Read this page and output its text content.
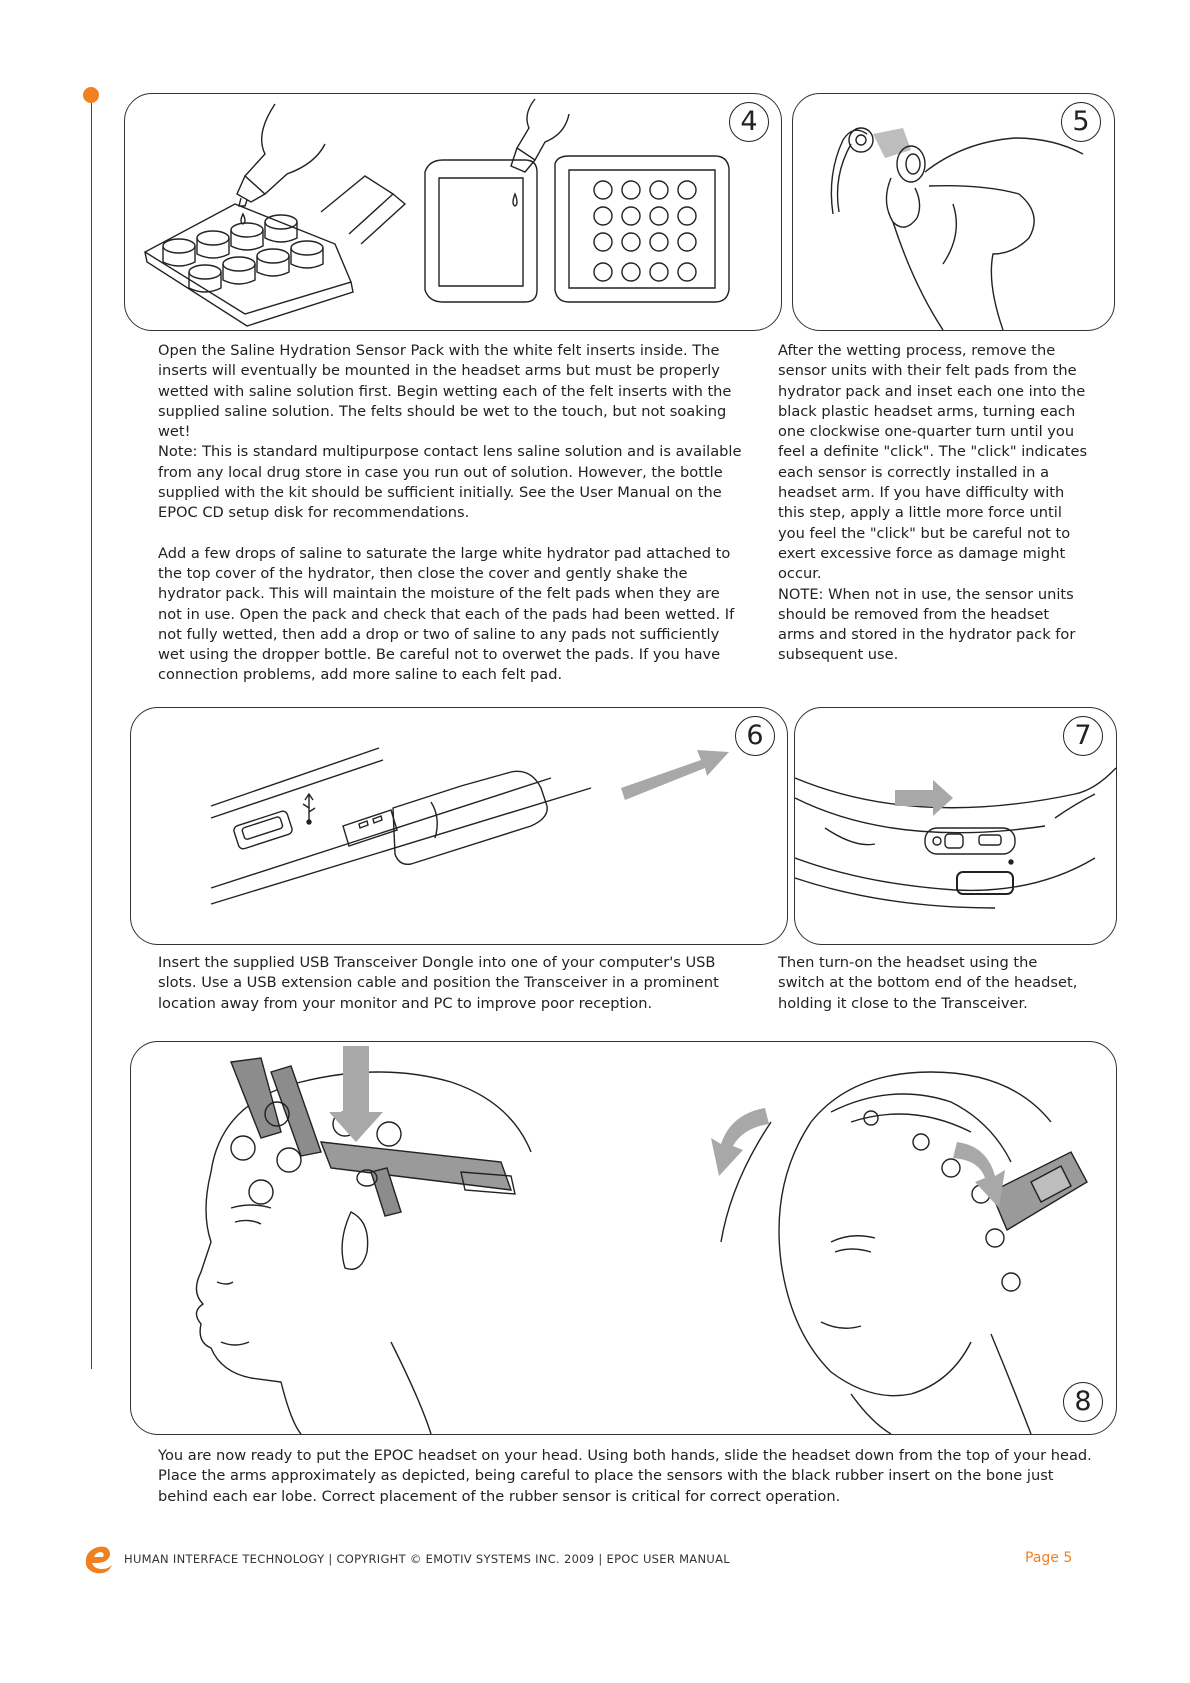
4	5

Open the Saline Hydration Sensor Pack with the white felt inserts inside. The inserts will eventually be mounted in the headset arms but must be properly wetted with saline solution first. Begin wetting each of the felt inserts with the supplied saline solution. The felts should be wet to the touch, but not soaking wet!

Note: This is standard multipurpose contact lens saline solution and is available from any local drug store in case you run out of solution. However, the bottle supplied with the kit should be sufficient initially. See the User Manual on the EPOC CD setup disk for recommendations.

Add a few drops of saline to saturate the large white hydrator pad attached to the top cover of the hydrator, then close the cover and gently shake the hydrator pack. This will maintain the moisture of the felt pads when they are not in use. Open the pack and check that each of the pads had been wetted. If not fully wetted, then add a drop or two of saline to any pads not sufficiently wet using the dropper bottle. Be careful not to overwet the pads. If you have connection problems, add more saline to each felt pad.

After the wetting process, remove the sensor units with their felt pads from the hydrator pack and inset each one into the black plastic headset arms, turning each one clockwise one-quarter turn until you feel a definite "click". The "click" indicates each sensor is correctly installed in a headset arm. If you have difficulty with this step, apply a little more force until you feel the "click" but be careful not to exert excessive force as damage might occur.

NOTE: When not in use, the sensor units should be removed from the headset arms and stored in the hydrator pack for subsequent use.

6	7

Insert the supplied USB Transceiver Dongle into one of your computer's USB slots. Use a USB extension cable and position the Transceiver in a prominent location away from your monitor and PC to improve poor reception.

Then turn-on the headset using the switch at the bottom end of the headset, holding it close to the Transceiver.

8

You are now ready to put the EPOC headset on your head. Using both hands, slide the headset down from the top of your head. Place the arms approximately as depicted, being careful to place the sensors with the black rubber insert on the bone just behind each ear lobe. Correct placement of the rubber sensor is critical for correct operation.

HUMAN INTERFACE TECHNOLOGY | COPYRIGHT © EMOTIV SYSTEMS INC. 2009 | EPOC USER MANUAL	Page 5
